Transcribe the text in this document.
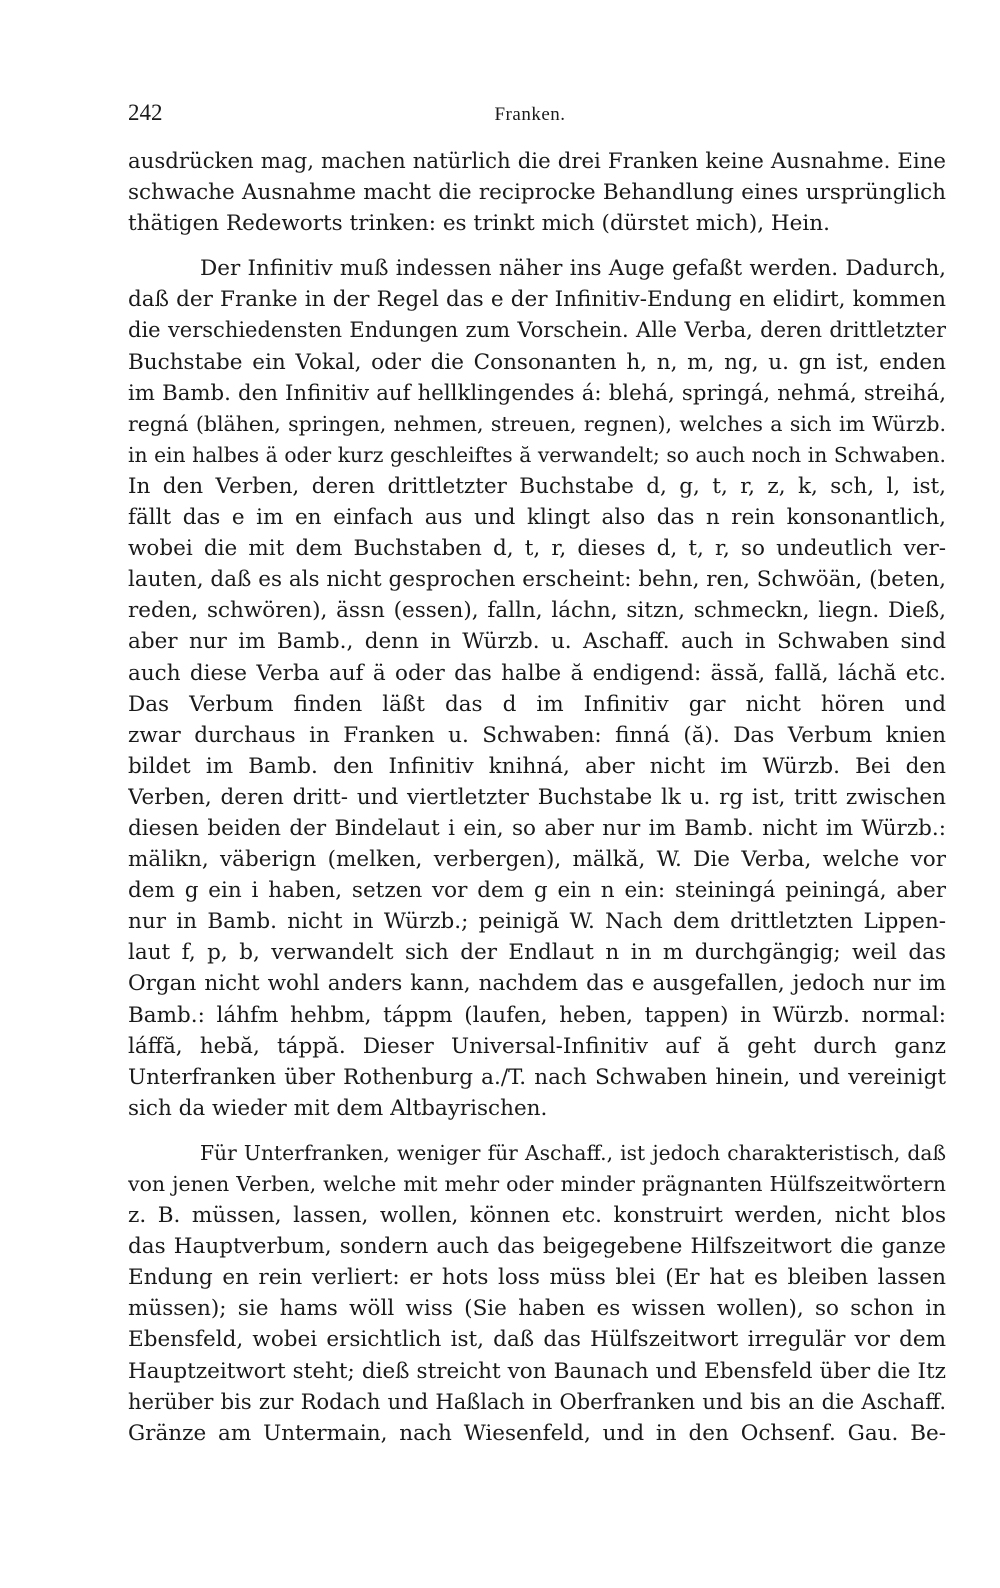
242	Franken.
ausdrücken mag, machen natürlich die drei Franken keine Ausnahme. Eine
schwache Ausnahme macht die reciprocke Behandlung eines ursprünglich
thätigen Redeworts trinken: es trinkt mich (dürstet mich), Hein.
Der Infinitiv muß indessen näher ins Auge gefaßt werden. Dadurch,
daß der Franke in der Regel das e der Infinitiv-Endung en elidirt, kommen
die verschiedensten Endungen zum Vorschein. Alle Verba, deren drittletzter
Buchstabe ein Vokal, oder die Consonanten h, n, m, ng, u. gn ist, enden
im Bamb. den Infinitiv auf hellklingendes á: blehá, springá, nehmá, streihá,
regná (blähen, springen, nehmen, streuen, regnen), welches a sich im Würzb.
in ein halbes ä oder kurz geschleiftes ă verwandelt; so auch noch in Schwaben.
In den Verben, deren drittletzter Buchstabe d, g, t, r, z, k, sch, l, ist,
fällt das e im en einfach aus und klingt also das n rein konsonantlich,
wobei die mit dem Buchstaben d, t, r, dieses d, t, r, so undeutlich ver-
lauten, daß es als nicht gesprochen erscheint: behn, ren, Schwöän, (beten,
reden, schwören), ässn (essen), falln, láchn, sitzn, schmeckn, liegn. Dieß,
aber nur im Bamb., denn in Würzb. u. Aschaff. auch in Schwaben sind
auch diese Verba auf ä oder das halbe ă endigend: ässă, fallă, láchă etc.
Das Verbum finden läßt das d im Infinitiv gar nicht hören und
zwar durchaus in Franken u. Schwaben: finná (ă). Das Verbum knien
bildet im Bamb. den Infinitiv knihná, aber nicht im Würzb. Bei den
Verben, deren dritt- und viertletzter Buchstabe lk u. rg ist, tritt zwischen
diesen beiden der Bindelaut i ein, so aber nur im Bamb. nicht im Würzb.:
mälikn, väberign (melken, verbergen), mälkă, W. Die Verba, welche vor
dem g ein i haben, setzen vor dem g ein n ein: steiningá peiningá, aber
nur in Bamb. nicht in Würzb.; peinigă W. Nach dem drittletzten Lippen-
laut f, p, b, verwandelt sich der Endlaut n in m durchgängig; weil das
Organ nicht wohl anders kann, nachdem das e ausgefallen, jedoch nur im
Bamb.: láhfm hehbm, táppm (laufen, heben, tappen) in Würzb. normal:
láffă, hebă, táppă. Dieser Universal-Infinitiv auf ă geht durch ganz
Unterfranken über Rothenburg a./T. nach Schwaben hinein, und vereinigt
sich da wieder mit dem Altbayrischen.
Für Unterfranken, weniger für Aschaff., ist jedoch charakteristisch, daß
von jenen Verben, welche mit mehr oder minder prägnanten Hülfszeitwörtern
z. B. müssen, lassen, wollen, können etc. konstruirt werden, nicht blos
das Hauptverbum, sondern auch das beigegebene Hilfszeitwort die ganze
Endung en rein verliert: er hots loss müss blei (Er hat es bleiben lassen
müssen); sie hams wöll wiss (Sie haben es wissen wollen), so schon in
Ebensfeld, wobei ersichtlich ist, daß das Hülfszeitwort irregulär vor dem
Hauptzeitwort steht; dieß streicht von Baunach und Ebensfeld über die Itz
herüber bis zur Rodach und Haßlach in Oberfranken und bis an die Aschaff.
Gränze am Untermain, nach Wiesenfeld, und in den Ochsenf. Gau. Be-
